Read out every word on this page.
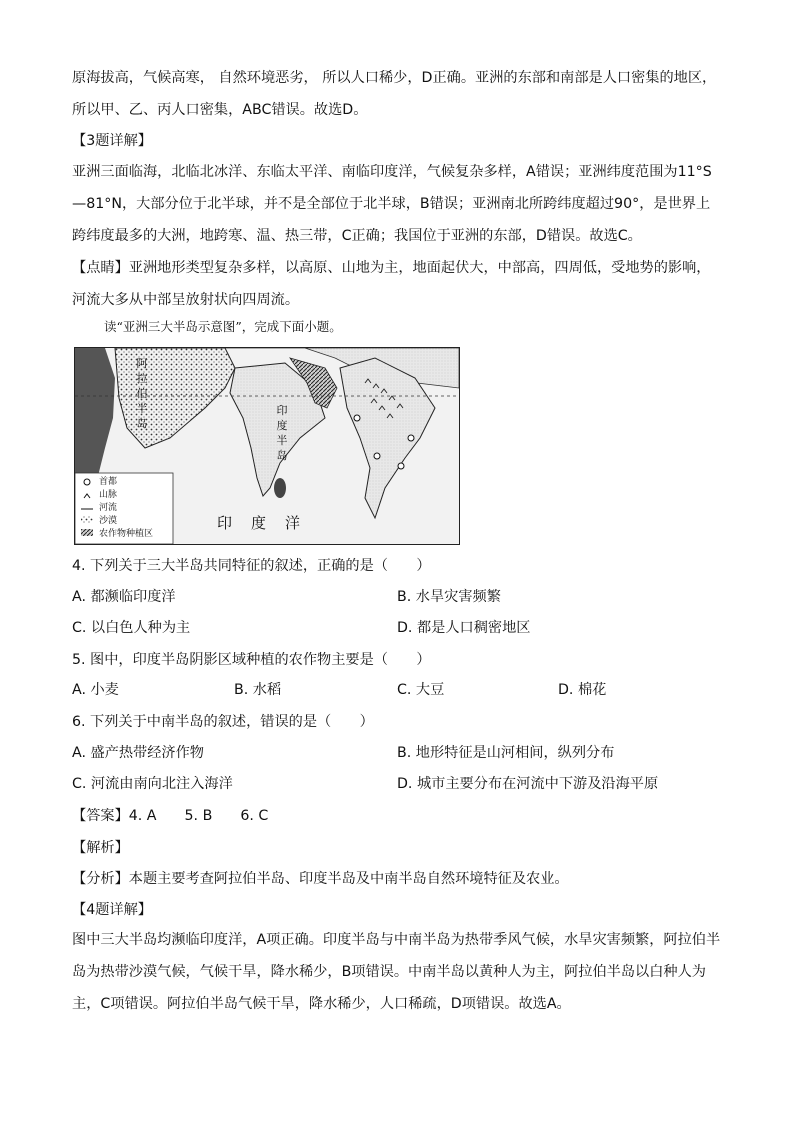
原海拔高，气候高寒， 自然环境恶劣， 所以人口稀少，D正确。亚洲的东部和南部是人口密集的地区，所以甲、乙、丙人口密集，ABC错误。故选D。

【3题详解】

亚洲三面临海，北临北冰洋、东临太平洋、南临印度洋，气候复杂多样，A错误；亚洲纬度范围为11°S—81°N，大部分位于北半球，并不是全部位于北半球，B错误；亚洲南北所跨纬度超过90°，是世界上跨纬度最多的大洲，地跨寒、温、热三带，C正确；我国位于亚洲的东部，D错误。故选C。

【点睛】亚洲地形类型复杂多样，以高原、山地为主，地面起伏大，中部高，四周低，受地势的影响，河流大多从中部呈放射状向四周流。

读“亚洲三大半岛示意图”，完成下面小题。
阿
拉
伯
半
岛
印
度
半
岛
印　度　洋
首都
山脉
河流
沙漠
农作物种植区
4. 下列关于三大半岛共同特征的叙述，正确的是（　　）
A. 都濒临印度洋	B. 水旱灾害频繁
C. 以白色人种为主	D. 都是人口稠密地区
5. 图中，印度半岛阴影区域种植的农作物主要是（　　）
A. 小麦	B. 水稻	C. 大豆	D. 棉花
6. 下列关于中南半岛的叙述，错误的是（　　）
A. 盛产热带经济作物	B. 地形特征是山河相间，纵列分布
C. 河流由南向北注入海洋	D. 城市主要分布在河流中下游及沿海平原
【答案】4. A 5. B 6. C
【解析】
【分析】本题主要考查阿拉伯半岛、印度半岛及中南半岛自然环境特征及农业。
【4题详解】

图中三大半岛均濒临印度洋，A项正确。印度半岛与中南半岛为热带季风气候，水旱灾害频繁，阿拉伯半岛为热带沙漠气候，气候干旱，降水稀少，B项错误。中南半岛以黄种人为主，阿拉伯半岛以白种人为主，C项错误。阿拉伯半岛气候干旱，降水稀少，人口稀疏，D项错误。故选A。
